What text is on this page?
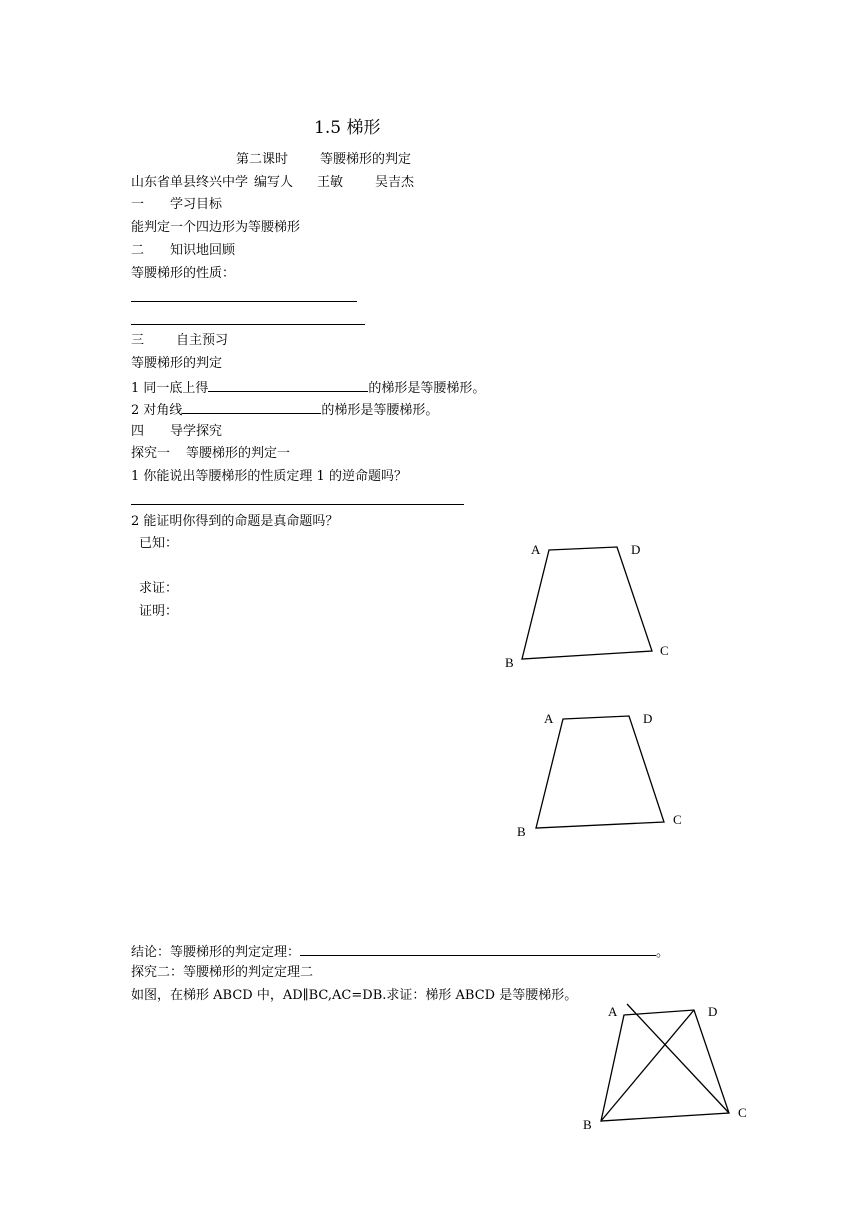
1.5 梯形
第二课时 等腰梯形的判定
山东省单县终兴中学 编写人 王敏 吴吉杰
一 学习目标
能判定一个四边形为等腰梯形
二 知识地回顾
等腰梯形的性质：
三 自主预习
等腰梯形的判定
1 同一底上得	的梯形是等腰梯形。
2 对角线	的梯形是等腰梯形。
四 导学探究
探究一 等腰梯形的判定一
1 你能说出等腰梯形的性质定理 1 的逆命题吗？
2 能证明你得到的命题是真命题吗？
已知：
求证：
证明：
A	D
B
C
A	D
B
C
A	D
B
C
结论：等腰梯形的判定定理：	。
探究二：等腰梯形的判定定理二
如图，在梯形 ABCD 中，AD∥BC,AC=DB.求证：梯形 ABCD 是等腰梯形。
